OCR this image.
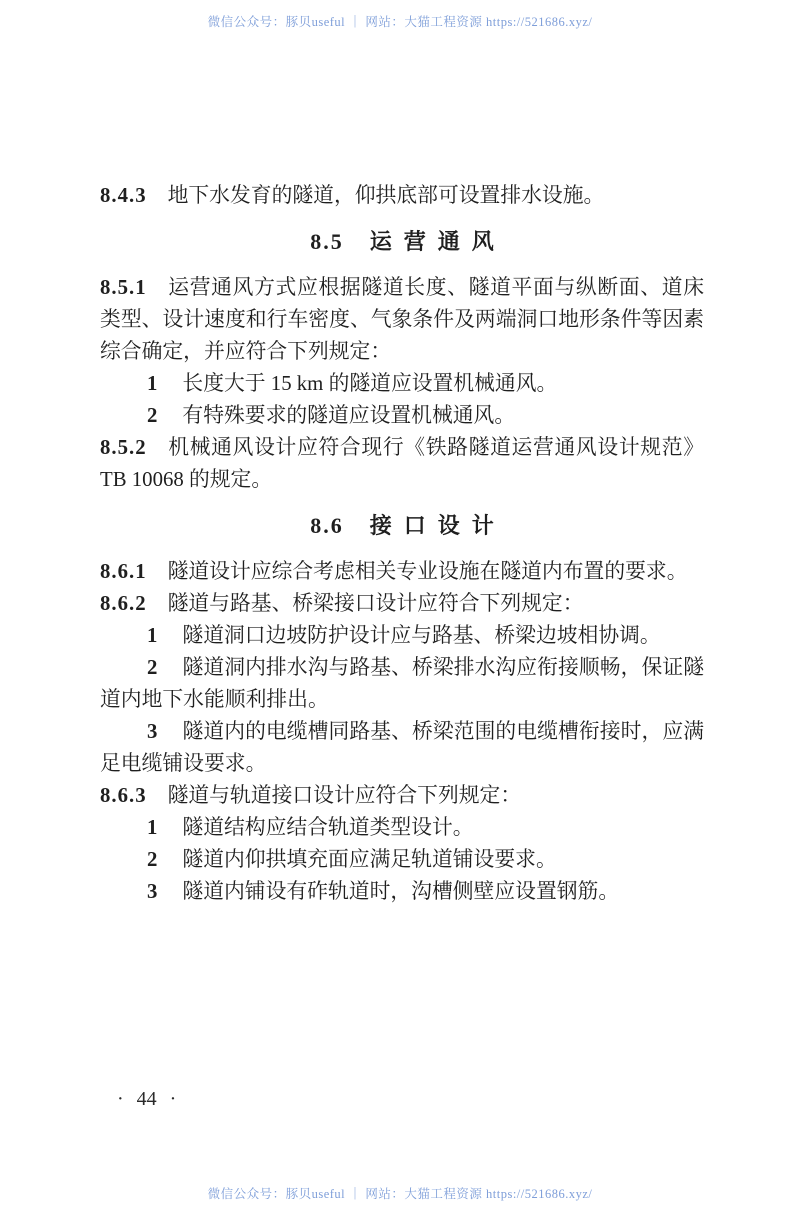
微信公众号：豚贝useful ｜ 网站：大猫工程资源 https://521686.xyz/

8.4.3 地下水发育的隧道，仰拱底部可设置排水设施。

8.5 运营通风

8.5.1 运营通风方式应根据隧道长度、隧道平面与纵断面、道床类型、设计速度和行车密度、气象条件及两端洞口地形条件等因素综合确定，并应符合下列规定：

1 长度大于 15 km 的隧道应设置机械通风。

2 有特殊要求的隧道应设置机械通风。

8.5.2 机械通风设计应符合现行《铁路隧道运营通风设计规范》TB 10068 的规定。

8.6 接口设计

8.6.1 隧道设计应综合考虑相关专业设施在隧道内布置的要求。

8.6.2 隧道与路基、桥梁接口设计应符合下列规定：

1 隧道洞口边坡防护设计应与路基、桥梁边坡相协调。

2 隧道洞内排水沟与路基、桥梁排水沟应衔接顺畅，保证隧道内地下水能顺利排出。

3 隧道内的电缆槽同路基、桥梁范围的电缆槽衔接时，应满足电缆铺设要求。

8.6.3 隧道与轨道接口设计应符合下列规定：

1 隧道结构应结合轨道类型设计。

2 隧道内仰拱填充面应满足轨道铺设要求。

3 隧道内铺设有砟轨道时，沟槽侧壁应设置钢筋。

· 44 ·
微信公众号：豚贝useful ｜ 网站：大猫工程资源 https://521686.xyz/
